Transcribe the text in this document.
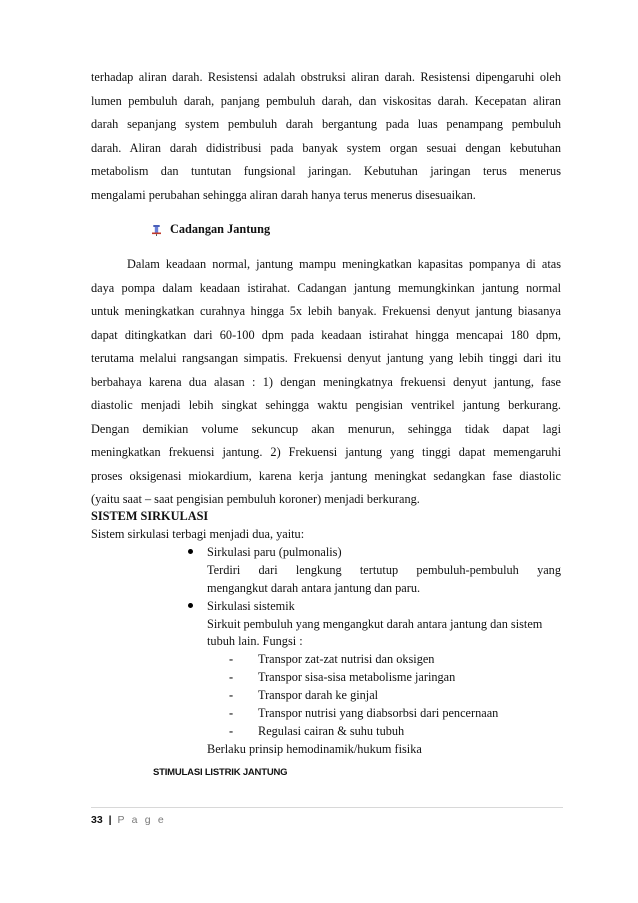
terhadap aliran darah. Resistensi adalah obstruksi aliran darah. Resistensi dipengaruhi oleh
lumen pembuluh darah, panjang pembuluh darah, dan viskositas darah. Kecepatan aliran
darah sepanjang system pembuluh darah bergantung pada luas penampang pembuluh
darah. Aliran darah didistribusi pada banyak system organ sesuai dengan kebutuhan
metabolism dan tuntutan fungsional jaringan. Kebutuhan jaringan terus menerus
mengalami perubahan sehingga aliran darah hanya terus menerus disesuaikan.
Cadangan Jantung
Dalam keadaan normal, jantung mampu meningkatkan kapasitas pompanya di atas
daya pompa dalam keadaan istirahat. Cadangan jantung memungkinkan jantung normal
untuk meningkatkan curahnya hingga 5x lebih banyak. Frekuensi denyut jantung biasanya
dapat ditingkatkan dari 60-100 dpm pada keadaan istirahat hingga mencapai 180 dpm,
terutama melalui rangsangan simpatis. Frekuensi denyut jantung yang lebih tinggi dari itu
berbahaya karena dua alasan : 1) dengan meningkatnya frekuensi denyut jantung, fase
diastolic menjadi lebih singkat sehingga waktu pengisian ventrikel jantung berkurang.
Dengan demikian volume sekuncup akan menurun, sehingga tidak dapat lagi
meningkatkan frekuensi jantung. 2) Frekuensi jantung yang tinggi dapat memengaruhi
proses oksigenasi miokardium, karena kerja jantung meningkat sedangkan fase diastolic
(yaitu saat – saat pengisian pembuluh koroner) menjadi berkurang.
SISTEM SIRKULASI
Sistem sirkulasi terbagi menjadi dua, yaitu:
Sirkulasi paru (pulmonalis)
Terdiri dari lengkung tertutup pembuluh-pembuluh yang
mengangkut darah antara jantung dan paru.
Sirkulasi sistemik
Sirkuit pembuluh yang mengangkut darah antara jantung dan sistem
tubuh lain. Fungsi :
- Transpor zat-zat nutrisi dan oksigen
- Transpor sisa-sisa metabolisme jaringan
- Transpor darah ke ginjal
- Transpor nutrisi yang diabsorbsi dari pencernaan
- Regulasi cairan & suhu tubuh
Berlaku prinsip hemodinamik/hukum fisika
STIMULASI LISTRIK JANTUNG
33 | P a g e
